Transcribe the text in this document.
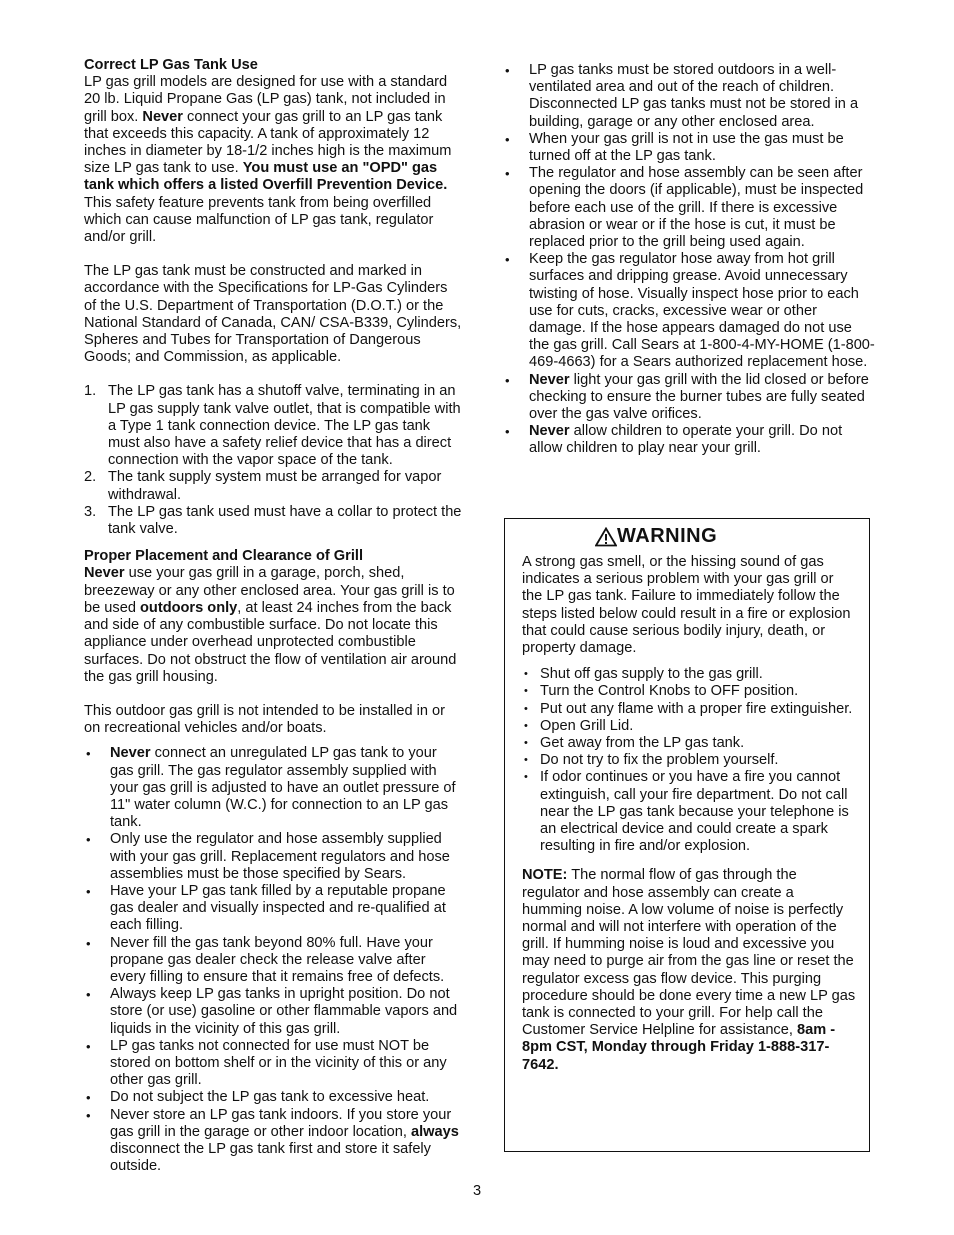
Correct LP Gas Tank Use

LP gas grill models are designed for use with a standard 20 lb. Liquid Propane Gas (LP gas) tank, not included in grill box. Never connect your gas grill to an LP gas tank that exceeds this capacity. A tank of approximately 12 inches in diameter by 18-1/2 inches high is the maximum size LP gas tank to use. You must use an "OPD" gas tank which offers a listed Overfill Prevention Device. This safety feature prevents tank from being overfilled which can cause malfunction of LP gas tank, regulator and/or grill.

The LP gas tank must be constructed and marked in accordance with the Specifications for LP-Gas Cylinders of the U.S. Department of Transportation (D.O.T.) or the National Standard of Canada, CAN/ CSA-B339, Cylinders, Spheres and Tubes for Transportation of Dangerous Goods; and Commission, as applicable.

1. The LP gas tank has a shutoff valve, terminating in an LP gas supply tank valve outlet, that is compatible with a Type 1 tank connection device. The LP gas tank must also have a safety relief device that has a direct connection with the vapor space of the tank.
2. The tank supply system must be arranged for vapor withdrawal.
3. The LP gas tank used must have a collar to protect the tank valve.
Proper Placement and Clearance of Grill

Never use your gas grill in a garage, porch, shed, breezeway or any other enclosed area. Your gas grill is to be used outdoors only, at least 24 inches from the back and side of any combustible surface. Do not locate this appliance under overhead unprotected combustible surfaces. Do not obstruct the flow of ventilation air around the gas grill housing.

This outdoor gas grill is not intended to be installed in or on recreational vehicles and/or boats.

• Never connect an unregulated LP gas tank to your gas grill. The gas regulator assembly supplied with your gas grill is adjusted to have an outlet pressure of 11" water column (W.C.) for connection to an LP gas tank.
• Only use the regulator and hose assembly supplied with your gas grill. Replacement regulators and hose assemblies must be those specified by Sears.
• Have your LP gas tank filled by a reputable propane gas dealer and visually inspected and re-qualified at each filling.
• Never fill the gas tank beyond 80% full. Have your propane gas dealer check the release valve after every filling to ensure that it remains free of defects.
• Always keep LP gas tanks in upright position. Do not store (or use) gasoline or other flammable vapors and liquids in the vicinity of this gas grill.
• LP gas tanks not connected for use must NOT be stored on bottom shelf or in the vicinity of this or any other gas grill.
• Do not subject the LP gas tank to excessive heat.
• Never store an LP gas tank indoors. If you store your gas grill in the garage or other indoor location, always disconnect the LP gas tank first and store it safely outside.
• LP gas tanks must be stored outdoors in a well-ventilated area and out of the reach of children. Disconnected LP gas tanks must not be stored in a building, garage or any other enclosed area.
• When your gas grill is not in use the gas must be turned off at the LP gas tank.
• The regulator and hose assembly can be seen after opening the doors (if applicable), must be inspected before each use of the grill. If there is excessive abrasion or wear or if the hose is cut, it must be replaced prior to the grill being used again.
• Keep the gas regulator hose away from hot grill surfaces and dripping grease. Avoid unnecessary twisting of hose. Visually inspect hose prior to each use for cuts, cracks, excessive wear or other damage. If the hose appears damaged do not use the gas grill. Call Sears at 1-800-4-MY-HOME (1-800-469-4663) for a Sears authorized replacement hose.
• Never light your gas grill with the lid closed or before checking to ensure the burner tubes are fully seated over the gas valve orifices.
• Never allow children to operate your grill. Do not allow children to play near your grill.
WARNING

A strong gas smell, or the hissing sound of gas indicates a serious problem with your gas grill or the LP gas tank. Failure to immediately follow the steps listed below could result in a fire or explosion that could cause serious bodily injury, death, or property damage.

• Shut off gas supply to the gas grill.
• Turn the Control Knobs to OFF position.
• Put out any flame with a proper fire extinguisher.
• Open Grill Lid.
• Get away from the LP gas tank.
• Do not try to fix the problem yourself.
• If odor continues or you have a fire you cannot extinguish, call your fire department. Do not call near the LP gas tank because your telephone is an electrical device and could create a spark resulting in fire and/or explosion.

NOTE: The normal flow of gas through the regulator and hose assembly can create a humming noise. A low volume of noise is perfectly normal and will not interfere with operation of the grill. If humming noise is loud and excessive you may need to purge air from the gas line or reset the regulator excess gas flow device. This purging procedure should be done every time a new LP gas tank is connected to your grill. For help call the Customer Service Helpline for assistance, 8am - 8pm CST, Monday through Friday 1-888-317-7642.

3
